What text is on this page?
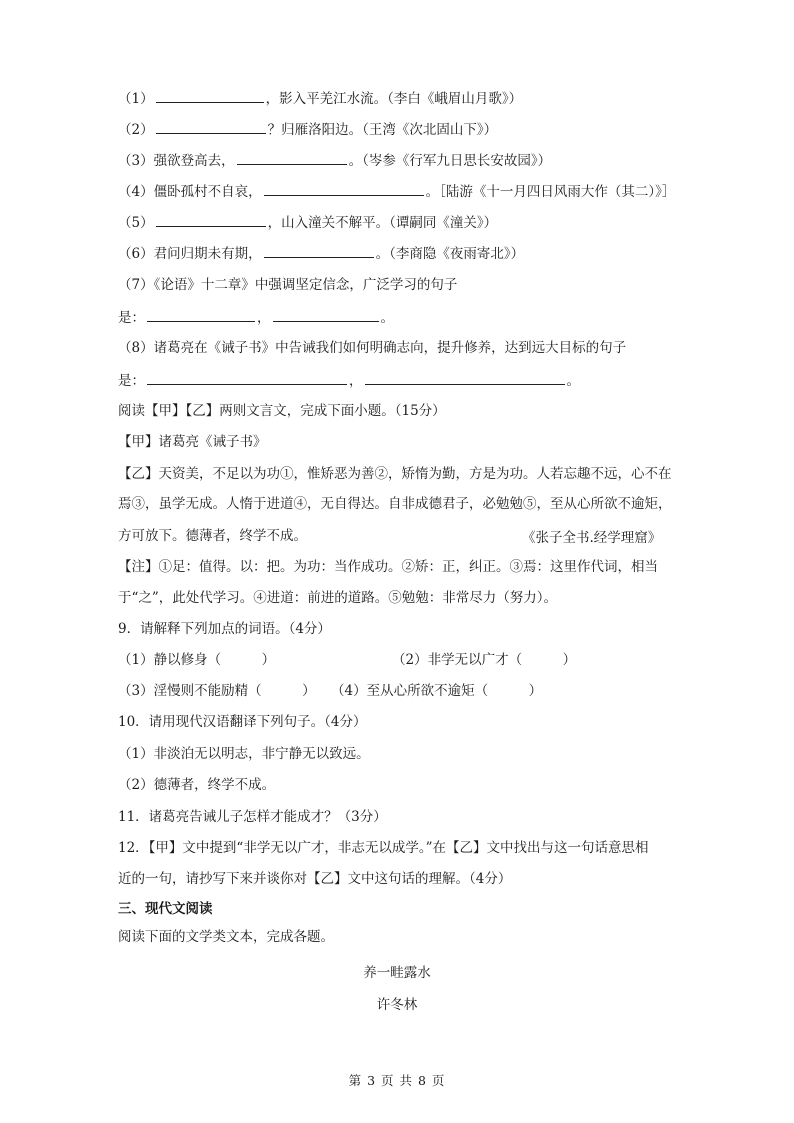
（1）	，影入平羌江水流。（李白《峨眉山月歌》）
（2）	？归雁洛阳边。（王湾《次北固山下》）
（3）强欲登高去，	。（岑参《行军九日思长安故园》）
（4）僵卧孤村不自哀，	。［陆游《十一月四日风雨大作（其二）》］
（5）	，山入潼关不解平。（谭嗣同《潼关》）
（6）君问归期未有期，	。（李商隐《夜雨寄北》）
（7）《论语》十二章》中强调坚定信念，广泛学习的句子
是：	，	。
（8）诸葛亮在《诫子书》中告诫我们如何明确志向，提升修养，达到远大目标的句子
是：	，	。
阅读【甲】【乙】两则文言文，完成下面小题。（15分）
【甲】诸葛亮《诫子书》
【乙】天资美，不足以为功①，惟矫恶为善②，矫惰为勤，方是为功。人若忘趣不远，心不在
焉③，虽学无成。人惰于进道④，无自得达。自非成德君子，必勉勉⑤，至从心所欲不逾矩，
方可放下。德薄者，终学不成。	《张子全书.经学理窟》
【注】①足：值得。以：把。为功：当作成功。②矫：正，纠正。③焉：这里作代词，相当
于“之”，此处代学习。④进道：前进的道路。⑤勉勉：非常尽力（努力）。
9．请解释下列加点的词语。（4分）
（1）静以修身（　　　）	（2）非学无以广才（　　　）
（3）淫慢则不能励精（　　　） （4）至从心所欲不逾矩（　　　）
10．请用现代汉语翻译下列句子。（4分）
（1）非淡泊无以明志，非宁静无以致远。
（2）德薄者，终学不成。
11．诸葛亮告诫儿子怎样才能成才？（3分）
12．【甲】文中提到“非学无以广才，非志无以成学。”在【乙】文中找出与这一句话意思相
近的一句，请抄写下来并谈你对【乙】文中这句话的理解。（4分）
三、现代文阅读
阅读下面的文学类文本，完成各题。
养一畦露水
许冬林
第 3 页 共 8 页
